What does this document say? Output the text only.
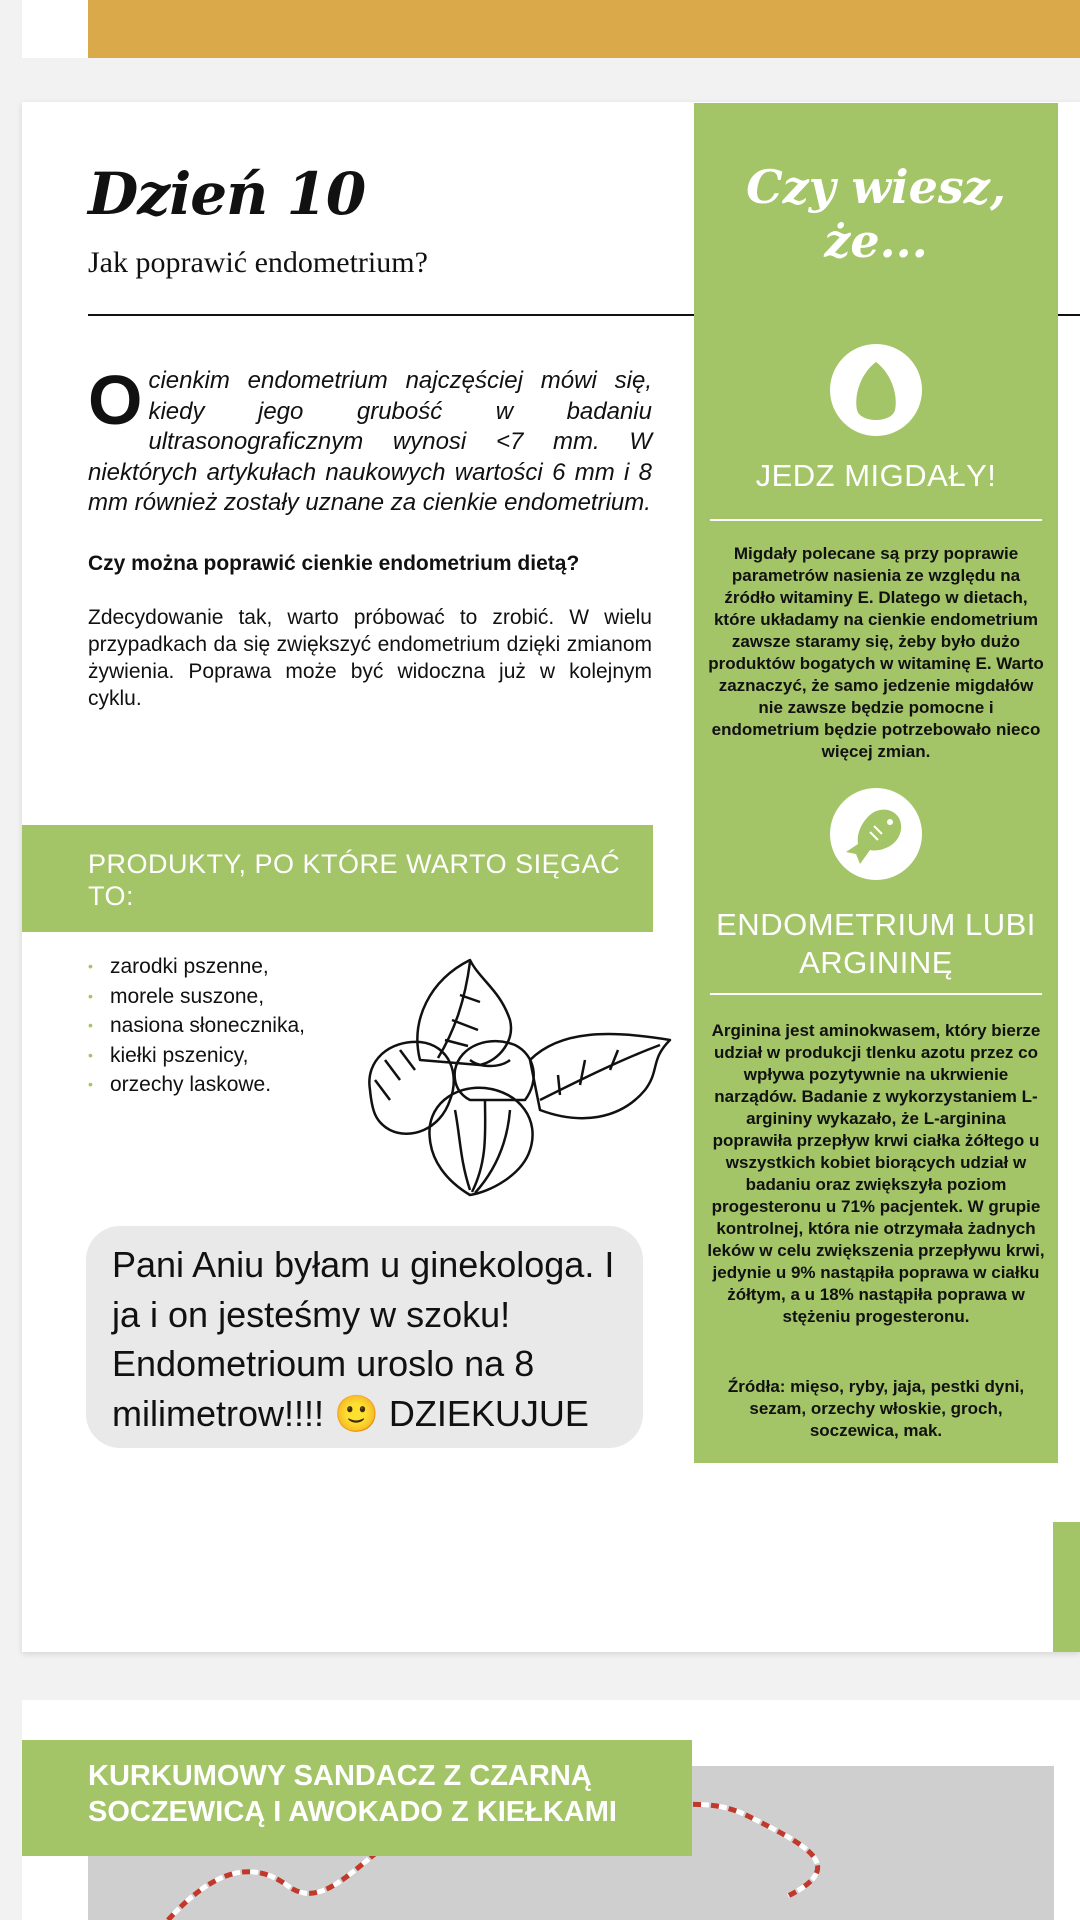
Dzień 10
Jak poprawić endometrium?
Ocienkim endometrium najczęściej mówi się, kiedy jego grubość w badaniu ultrasonograficznym wynosi <7 mm. W niektórych artykułach naukowych wartości 6 mm i 8 mm również zostały uznane za cienkie endometrium.
Czy można poprawić cienkie endometrium dietą?
Zdecydowanie tak, warto próbować to zrobić. W wielu przypadkach da się zwiększyć endometrium dzięki zmianom żywienia. Poprawa może być widoczna już w kolejnym cyklu.
PRODUKTY, PO KTÓRE WARTO SIĘGAĆ TO:
• zarodki pszenne,
• morele suszone,
• nasiona słonecznika,
• kiełki pszenicy,
• orzechy laskowe.
Pani Aniu byłam u ginekologa. I ja i on jesteśmy w szoku! Endometrioum uroslo na 8 milimetrow!!!! 🙂 DZIEKUJUE
Czy wiesz, że...
JEDZ MIGDAŁY!
Migdały polecane są przy poprawie parametrów nasienia ze względu na źródło witaminy E. Dlatego w dietach, które układamy na cienkie endometrium zawsze staramy się, żeby było dużo produktów bogatych w witaminę E. Warto zaznaczyć, że samo jedzenie migdałów nie zawsze będzie pomocne i endometrium będzie potrzebowało nieco więcej zmian.
ENDOMETRIUM LUBI ARGININĘ
Arginina jest aminokwasem, który bierze udział w produkcji tlenku azotu przez co wpływa pozytywnie na ukrwienie narządów. Badanie z wykorzystaniem L-argininy wykazało, że L-arginina poprawiła przepływ krwi ciałka żółtego u wszystkich kobiet biorących udział w badaniu oraz zwiększyła poziom progesteronu u 71% pacjentek. W grupie kontrolnej, która nie otrzymała żadnych leków w celu zwiększenia przepływu krwi, jedynie u 9% nastąpiła poprawa w ciałku żółtym, a u 18% nastąpiła poprawa w stężeniu progesteronu.
Źródła: mięso, ryby, jaja, pestki dyni, sezam, orzechy włoskie, groch, soczewica, mak.
KURKUMOWY SANDACZ Z CZARNĄ SOCZEWICĄ I AWOKADO Z KIEŁKAMI
